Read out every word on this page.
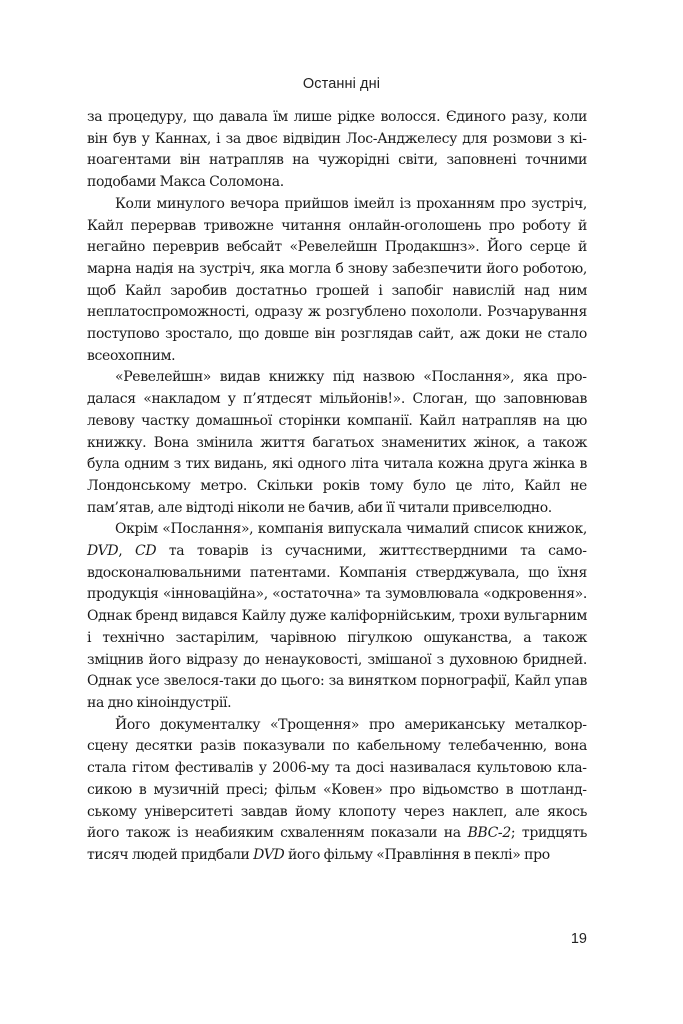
Останні дні

за процедуру, що давала їм лише рідке волосся. Єдиного разу, коли він був у Каннах, і за двоє відвідин Лос-Анджелесу для розмови з кіноагентами він натрапляв на чужорідні світи, заповнені точними подобами Макса Соломона.

Коли минулого вечора прийшов імейл із проханням про зустріч, Кайл перервав тривожне читання онлайн-оголошень про роботу й негайно переврив вебсайт «Ревелейшн Продакшнз». Його серце й марна надія на зустріч, яка могла б знову забезпечити його роботою, щоб Кайл заробив достатньо грошей і запобіг навислій над ним неплатоспроможності, одразу ж розгублено похололи. Розчарування поступово зростало, що довше він розглядав сайт, аж доки не стало всеохопним.

«Ревелейшн» видав книжку під назвою «Послання», яка продалася «накладом у п’ятдесят мільйонів!». Слоган, що заповнював левову частку домашньої сторінки компанії. Кайл натрапляв на цю книжку. Вона змінила життя багатьох знаменитих жінок, а також була одним з тих видань, які одного літа читала кожна друга жінка в Лондонському метро. Скільки років тому було це літо, Кайл не пам’ятав, але відтоді ніколи не бачив, аби її читали привселюдно.

Окрім «Послання», компанія випускала чималий список книжок, DVD, CD та товарів із сучасними, життєствердними та самовдосконалювальними патентами. Компанія стверджувала, що їхня продукція «інноваційна», «остаточна» та зумовлювала «одкровення». Однак бренд видався Кайлу дуже каліфорнійським, трохи вульгарним і технічно застарілим, чарівною пігулкою ошуканства, а також зміцнив його відразу до ненауковості, змішаної з духовною бридней. Однак усе звелося-таки до цього: за винятком порнографії, Кайл упав на дно кіноіндустрії.

Його документалку «Трощення» про американську металкорсцену десятки разів показували по кабельному телебаченню, вона стала гітом фестивалів у 2006-му та досі називалася культовою класикою в музичній пресі; фільм «Ковен» про відьомство в шотландському університеті завдав йому клопоту через наклеп, але якось його також із неабияким схваленням показали на BBC-2; тридцять тисяч людей придбали DVD його фільму «Правління в пеклі» про

19
